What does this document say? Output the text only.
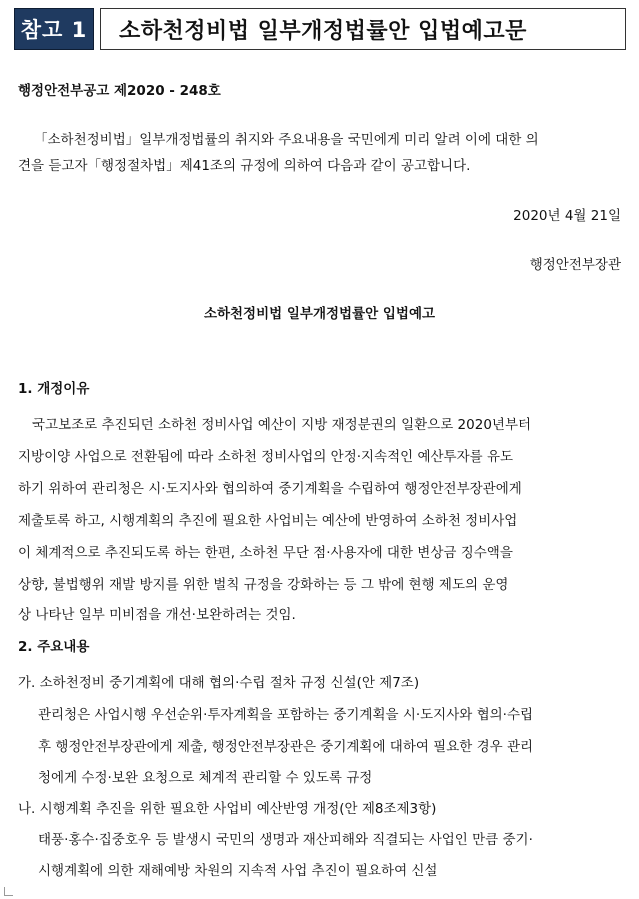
참고 1	소하천정비법 일부개정법률안 입법예고문
행정안전부공고 제2020 - 248호
「소하천정비법」일부개정법률의 취지와 주요내용을 국민에게 미리 알려 이에 대한 의
견을 듣고자「행정절차법」제41조의 규정에 의하여 다음과 같이 공고합니다.
2020년 4월 21일
행정안전부장관
소하천정비법 일부개정법률안 입법예고
1. 개정이유
국고보조로 추진되던 소하천 정비사업 예산이 지방 재정분권의 일환으로 2020년부터
지방이양 사업으로 전환됨에 따라 소하천 정비사업의 안정·지속적인 예산투자를 유도
하기 위하여 관리청은 시·도지사와 협의하여 중기계획을 수립하여 행정안전부장관에게
제출토록 하고, 시행계획의 추진에 필요한 사업비는 예산에 반영하여 소하천 정비사업
이 체계적으로 추진되도록 하는 한편, 소하천 무단 점·사용자에 대한 변상금 징수액을
상향, 불법행위 재발 방지를 위한 벌칙 규정을 강화하는 등 그 밖에 현행 제도의 운영
상 나타난 일부 미비점을 개선·보완하려는 것임.
2. 주요내용
가. 소하천정비 중기계획에 대해 협의·수립 절차 규정 신설(안 제7조)
관리청은 사업시행 우선순위·투자계획을 포함하는 중기계획을 시·도지사와 협의·수립
후 행정안전부장관에게 제출, 행정안전부장관은 중기계획에 대하여 필요한 경우 관리
청에게 수정·보완 요청으로 체계적 관리할 수 있도록 규정
나. 시행계획 추진을 위한 필요한 사업비 예산반영 개정(안 제8조제3항)
태풍·홍수·집중호우 등 발생시 국민의 생명과 재산피해와 직결되는 사업인 만큼 중기·
시행계획에 의한 재해예방 차원의 지속적 사업 추진이 필요하여 신설
